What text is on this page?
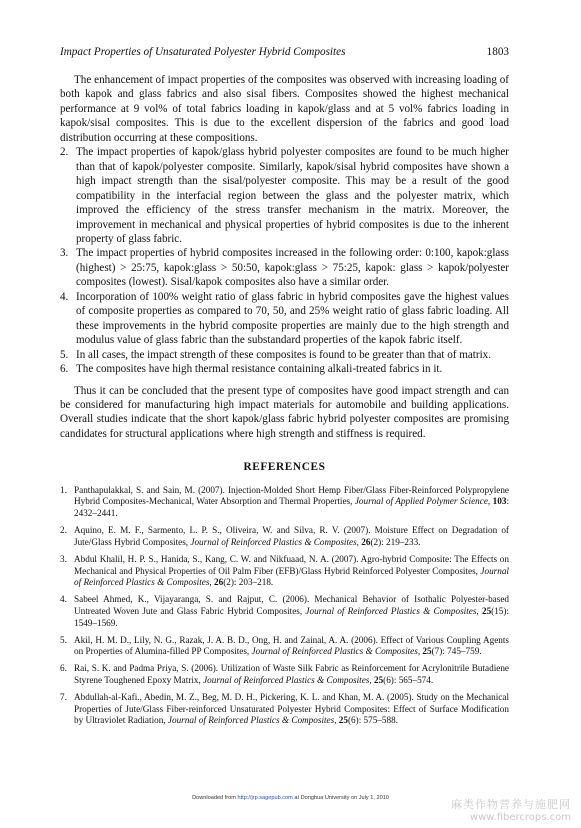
Impact Properties of Unsaturated Polyester Hybrid Composites	1803

The enhancement of impact properties of the composites was observed with increasing loading of both kapok and glass fabrics and also sisal fibers. Composites showed the highest mechanical performance at 9 vol% of total fabrics loading in kapok/glass and at 5 vol% fabrics loading in kapok/sisal composites. This is due to the excellent dispersion of the fabrics and good load distribution occurring at these compositions.

2. The impact properties of kapok/glass hybrid polyester composites are found to be much higher than that of kapok/polyester composite. Similarly, kapok/sisal hybrid composites have shown a high impact strength than the sisal/polyester composite. This may be a result of the good compatibility in the interfacial region between the glass and the polyester matrix, which improved the efficiency of the stress transfer mechanism in the matrix. Moreover, the improvement in mechanical and physical properties of hybrid composites is due to the inherent property of glass fabric.
3. The impact properties of hybrid composites increased in the following order: 0:100, kapok:glass (highest) > 25:75, kapok:glass > 50:50, kapok:glass > 75:25, kapok: glass > kapok/polyester composites (lowest). Sisal/kapok composites also have a similar order.
4. Incorporation of 100% weight ratio of glass fabric in hybrid composites gave the highest values of composite properties as compared to 70, 50, and 25% weight ratio of glass fabric loading. All these improvements in the hybrid composite properties are mainly due to the high strength and modulus value of glass fabric than the substandard properties of the kapok fabric itself.
5. In all cases, the impact strength of these composites is found to be greater than that of matrix.
6. The composites have high thermal resistance containing alkali-treated fabrics in it.

Thus it can be concluded that the present type of composites have good impact strength and can be considered for manufacturing high impact materials for automobile and building applications. Overall studies indicate that the short kapok/glass fabric hybrid polyester composites are promising candidates for structural applications where high strength and stiffness is required.

REFERENCES

1. Panthapulakkal, S. and Sain, M. (2007). Injection-Molded Short Hemp Fiber/Glass Fiber-Reinforced Polypropylene Hybrid Composites-Mechanical, Water Absorption and Thermal Properties, Journal of Applied Polymer Science, 103: 2432–2441.
2. Aquino, E. M. F., Sarmento, L. P. S., Oliveira, W. and Silva, R. V. (2007). Moisture Effect on Degradation of Jute/Glass Hybrid Composites, Journal of Reinforced Plastics & Composites, 26(2): 219–233.
3. Abdul Khalil, H. P. S., Hanida, S., Kang, C. W. and Nikfuaad, N. A. (2007). Agro-hybrid Composite: The Effects on Mechanical and Physical Properties of Oil Palm Fiber (EFB)/Glass Hybrid Reinforced Polyester Composites, Journal of Reinforced Plastics & Composites, 26(2): 203–218.
4. Sabeel Ahmed, K., Vijayaranga, S. and Rajput, C. (2006). Mechanical Behavior of Isothalic Polyester-based Untreated Woven Jute and Glass Fabric Hybrid Composites, Journal of Reinforced Plastics & Composites, 25(15): 1549–1569.
5. Akil, H. M. D., Lily, N. G., Razak, J. A. B. D., Ong, H. and Zainal, A. A. (2006). Effect of Various Coupling Agents on Properties of Alumina-filled PP Composites, Journal of Reinforced Plastics & Composites, 25(7): 745–759.
6. Rai, S. K. and Padma Priya, S. (2006). Utilization of Waste Silk Fabric as Reinforcement for Acrylonitrile Butadiene Styrene Toughened Epoxy Matrix, Journal of Reinforced Plastics & Composites, 25(6): 565–574.
7. Abdullah-al-Kafi., Abedin, M. Z., Beg, M. D. H., Pickering, K. L. and Khan, M. A. (2005). Study on the Mechanical Properties of Jute/Glass Fiber-reinforced Unsaturated Polyester Hybrid Composites: Effect of Surface Modification by Ultraviolet Radiation, Journal of Reinforced Plastics & Composites, 25(6): 575–588.
Downloaded from http://jrp.sagepub.com at Donghua University on July 1, 2010	麻类作物营养与施肥网
www.fibercrops.com
